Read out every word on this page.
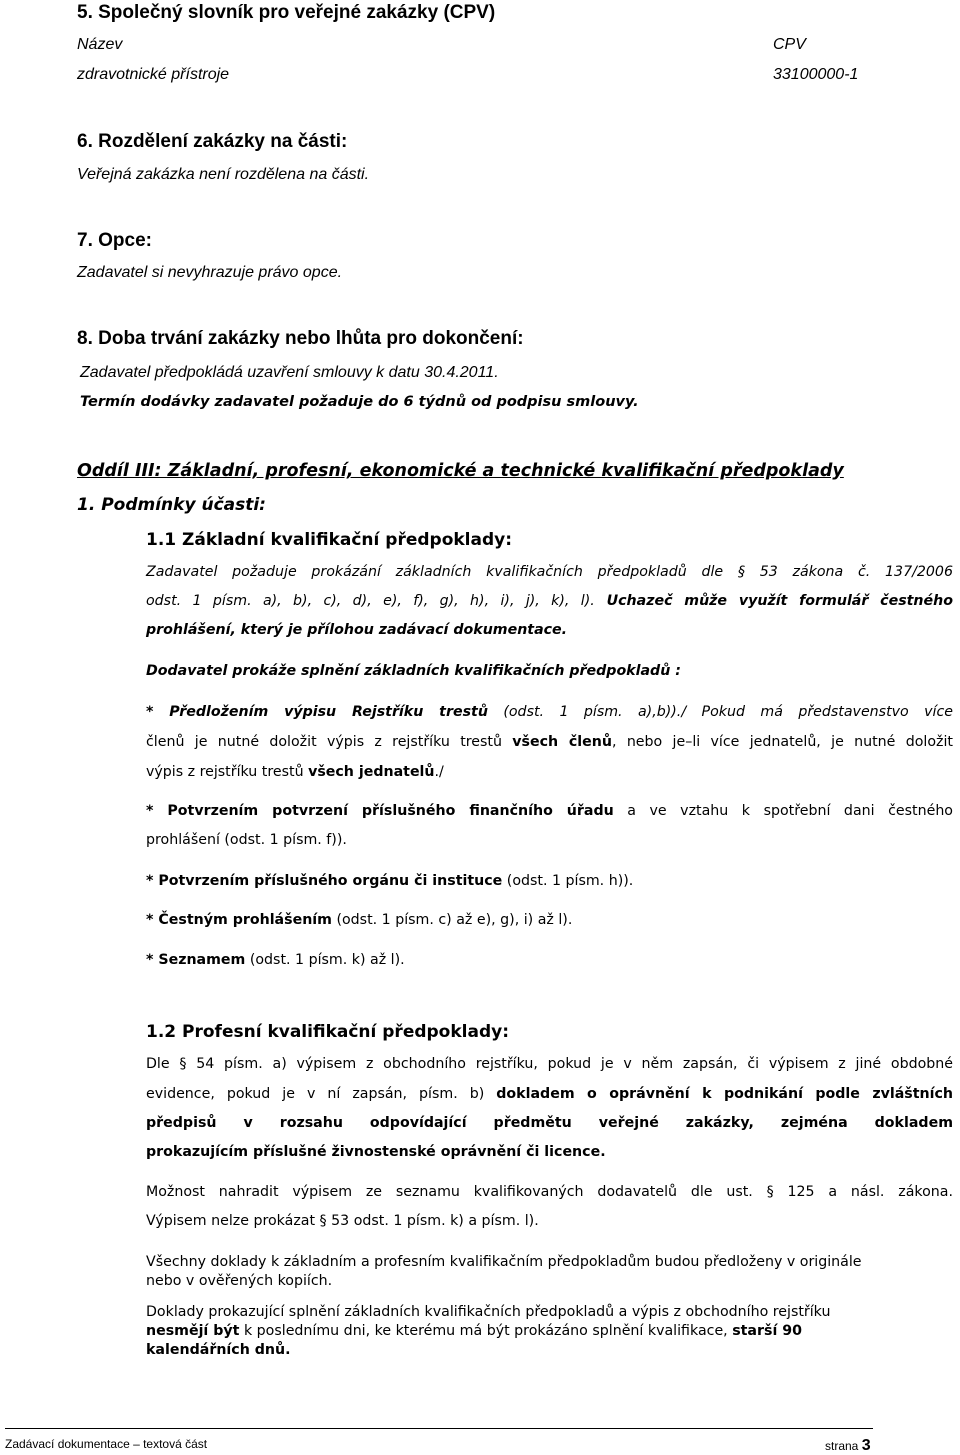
5. Společný slovník pro veřejné zakázky (CPV)
Název	CPV
zdravotnické přístroje	33100000-1
6. Rozdělení zakázky na části:
Veřejná zakázka není rozdělena na části.
7. Opce:
Zadavatel si nevyhrazuje právo opce.
8. Doba trvání zakázky nebo lhůta pro dokončení:
Zadavatel předpokládá uzavření smlouvy k datu 30.4.2011.
Termín dodávky zadavatel požaduje do 6 týdnů od podpisu smlouvy.
Oddíl III: Základní, profesní, ekonomické a technické kvalifikační předpoklady
1. Podmínky účasti:
1.1 Základní kvalifikační předpoklady:
Zadavatel požaduje prokázání základních kvalifikačních předpokladů dle § 53 zákona č. 137/2006
odst. 1 písm. a), b), c), d), e), f), g), h), i), j), k), l). Uchazeč může využít formulář čestného
prohlášení, který je přílohou zadávací dokumentace.
Dodavatel prokáže splnění základních kvalifikačních předpokladů :
* Předložením výpisu Rejstříku trestů (odst. 1 písm. a),b))./ Pokud má představenstvo více
členů je nutné doložit výpis z rejstříku trestů všech členů, nebo je–li více jednatelů, je nutné doložit
výpis z rejstříku trestů všech jednatelů./
* Potvrzením potvrzení příslušného finančního úřadu a ve vztahu k spotřební dani čestného
prohlášení (odst. 1 písm. f)).
* Potvrzením příslušného orgánu či instituce (odst. 1 písm. h)).
* Čestným prohlášením (odst. 1 písm. c) až e), g), i) až l).
* Seznamem (odst. 1 písm. k) až l).
1.2 Profesní kvalifikační předpoklady:
Dle § 54 písm. a) výpisem z obchodního rejstříku, pokud je v něm zapsán, či výpisem z jiné obdobné
evidence, pokud je v ní zapsán, písm. b) dokladem o oprávnění k podnikání podle zvláštních
předpisů v rozsahu odpovídající předmětu veřejné zakázky, zejména dokladem
prokazujícím příslušné živnostenské oprávnění či licence.
Možnost nahradit výpisem ze seznamu kvalifikovaných dodavatelů dle ust. § 125 a násl. zákona.
Výpisem nelze prokázat § 53 odst. 1 písm. k) a písm. l).
Všechny doklady k základním a profesním kvalifikačním předpokladům budou předloženy v originále
nebo v ověřených kopiích.
Doklady prokazující splnění základních kvalifikačních předpokladů a výpis z obchodního rejstříku
nesmějí být k poslednímu dni, ke kterému má být prokázáno splnění kvalifikace, starší 90
kalendářních dnů.
Zadávací dokumentace – textová část	strana 3
